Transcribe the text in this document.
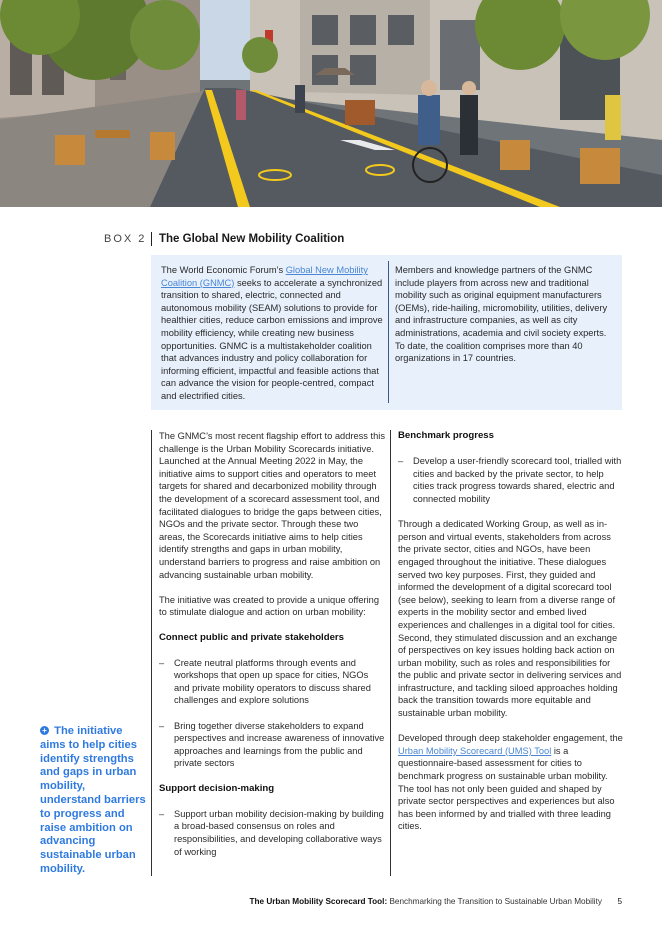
BOX 2 The Global New Mobility Coalition
The World Economic Forum’s Global New Mobility Coalition (GNMC) seeks to accelerate a synchronized transition to shared, electric, connected and autonomous mobility (SEAM) solutions to provide for healthier cities, reduce carbon emissions and improve mobility efficiency, while creating new business opportunities. GNMC is a multistakeholder coalition that advances industry and policy collaboration for informing efficient, impactful and feasible actions that can advance the vision for people-centred, compact and electrified cities.
Members and knowledge partners of the GNMC include players from across new and traditional mobility such as original equipment manufacturers (OEMs), ride-hailing, micromobility, utilities, delivery and infrastructure companies, as well as city administrations, academia and civil society experts. To date, the coalition comprises more than 40 organizations in 17 countries.

The GNMC’s most recent flagship effort to address this challenge is the Urban Mobility Scorecards initiative. Launched at the Annual Meeting 2022 in May, the initiative aims to support cities and operators to meet targets for shared and decarbonized mobility through the development of a scorecard assessment tool, and facilitated dialogues to bridge the gaps between cities, NGOs and the private sector. Through these two areas, the Scorecards initiative aims to help cities identify strengths and gaps in urban mobility, understand barriers to progress and raise ambition on advancing sustainable urban mobility.

The initiative was created to provide a unique offering to stimulate dialogue and action on urban mobility:

Connect public and private stakeholders
– Create neutral platforms through events and workshops that open up space for cities, NGOs and private mobility operators to discuss shared challenges and explore solutions
– Bring together diverse stakeholders to expand perspectives and increase awareness of innovative approaches and learnings from the public and private sectors
Support decision-making
– Support urban mobility decision-making by building a broad-based consensus on roles and responsibilities, and developing collaborative ways of working
Benchmark progress
– Develop a user-friendly scorecard tool, trialled with cities and backed by the private sector, to help cities track progress towards shared, electric and connected mobility

Through a dedicated Working Group, as well as in-person and virtual events, stakeholders from across the private sector, cities and NGOs, have been engaged throughout the initiative. These dialogues served two key purposes. First, they guided and informed the development of a digital scorecard tool (see below), seeking to learn from a diverse range of experts in the mobility sector and embed lived experiences and challenges in a digital tool for cities. Second, they stimulated discussion and an exchange of perspectives on key issues holding back action on urban mobility, such as roles and responsibilities for the public and private sector in delivering services and infrastructure, and tackling siloed approaches holding back the transition towards more equitable and sustainable urban mobility.

Developed through deep stakeholder engagement, the Urban Mobility Scorecard (UMS) Tool is a questionnaire-based assessment for cities to benchmark progress on sustainable urban mobility. The tool has not only been guided and shaped by private sector perspectives and experiences but also has been informed by and trialled with three leading cities.

+ The initiative aims to help cities identify strengths and gaps in urban mobility, understand barriers to progress and raise ambition on advancing sustainable urban mobility.
The Urban Mobility Scorecard Tool: Benchmarking the Transition to Sustainable Urban Mobility 5
